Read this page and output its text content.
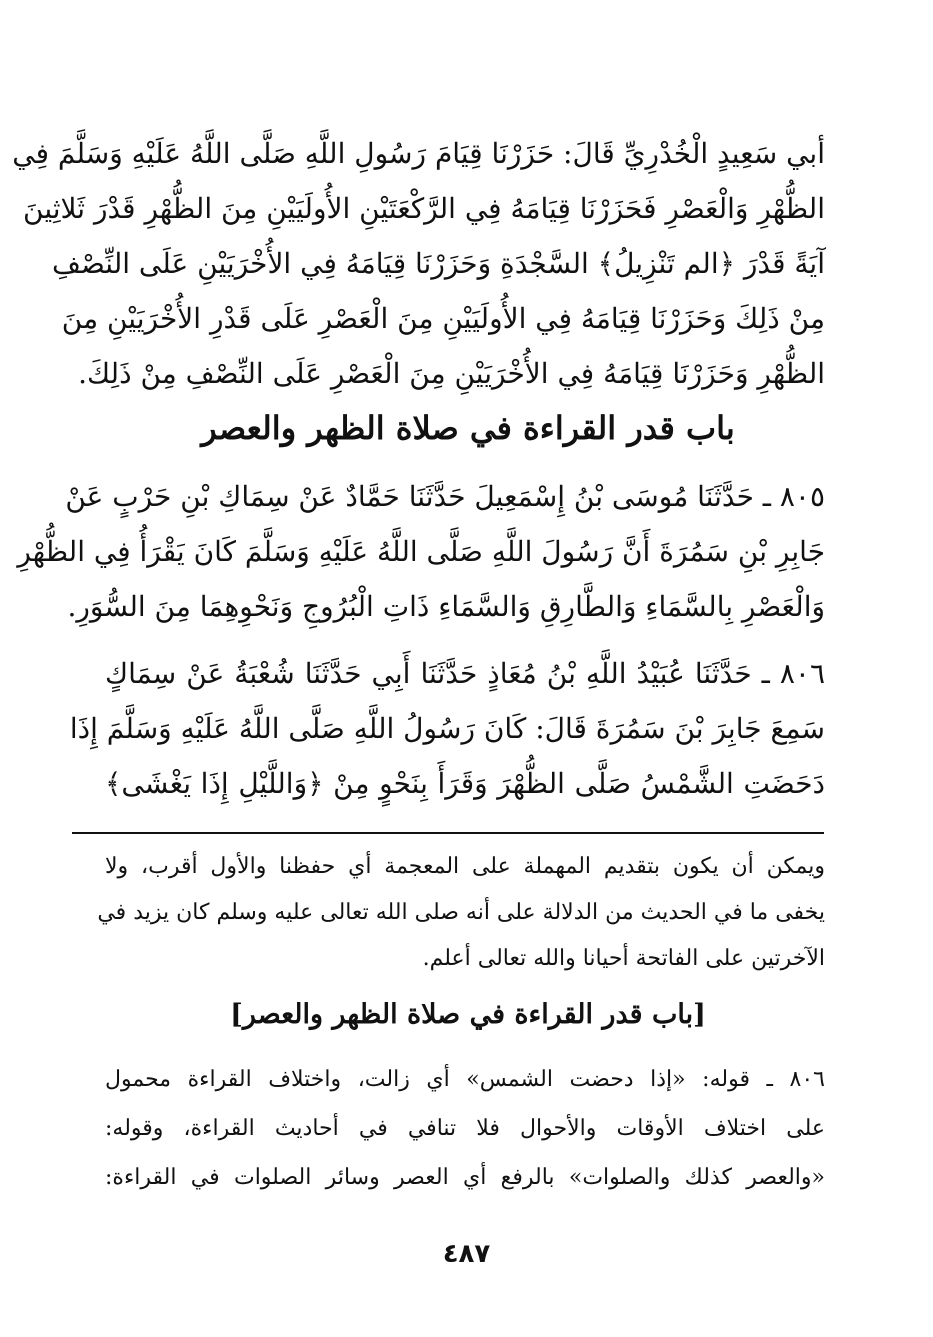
أبي سَعِيدٍ الْخُدْرِيِّ قَالَ: حَزَرْنَا قِيَامَ رَسُولِ اللَّهِ صَلَّى اللَّهُ عَلَيْهِ وَسَلَّمَ فِي
الظُّهْرِ وَالْعَصْرِ فَحَزَرْنَا قِيَامَهُ فِي الرَّكْعَتَيْنِ الأُولَيَيْنِ مِنَ الظُّهْرِ قَدْرَ ثَلاثِينَ
آيَةً قَدْرَ ﴿الم تَنْزِيلُ﴾ السَّجْدَةِ وَحَزَرْنَا قِيَامَهُ فِي الأُخْرَيَيْنِ عَلَى النِّصْفِ
مِنْ ذَلِكَ وَحَزَرْنَا قِيَامَهُ فِي الأُولَيَيْنِ مِنَ الْعَصْرِ عَلَى قَدْرِ الأُخْرَيَيْنِ مِنَ
الظُّهْرِ وَحَزَرْنَا قِيَامَهُ فِي الأُخْرَيَيْنِ مِنَ الْعَصْرِ عَلَى النِّصْفِ مِنْ ذَلِكَ.
باب قدر القراءة في صلاة الظهر والعصر
٨٠٥ ـ حَدَّثَنَا مُوسَى بْنُ إِسْمَعِيلَ حَدَّثَنَا حَمَّادٌ عَنْ سِمَاكِ بْنِ حَرْبٍ عَنْ
جَابِرِ بْنِ سَمُرَةَ أَنَّ رَسُولَ اللَّهِ صَلَّى اللَّهُ عَلَيْهِ وَسَلَّمَ كَانَ يَقْرَأُ فِي الظُّهْرِ
وَالْعَصْرِ بِالسَّمَاءِ وَالطَّارِقِ وَالسَّمَاءِ ذَاتِ الْبُرُوجِ وَنَحْوِهِمَا مِنَ السُّوَرِ.
٨٠٦ ـ حَدَّثَنَا عُبَيْدُ اللَّهِ بْنُ مُعَاذٍ حَدَّثَنَا أَبِي حَدَّثَنَا شُعْبَةُ عَنْ سِمَاكٍ
سَمِعَ جَابِرَ بْنَ سَمُرَةَ قَالَ: كَانَ رَسُولُ اللَّهِ صَلَّى اللَّهُ عَلَيْهِ وَسَلَّمَ إِذَا
دَحَضَتِ الشَّمْسُ صَلَّى الظُّهْرَ وَقَرَأَ بِنَحْوٍ مِنْ ﴿وَاللَّيْلِ إِذَا يَغْشَى﴾
ويمكن أن يكون بتقديم المهملة على المعجمة أي حفظنا والأول أقرب، ولا
يخفى ما في الحديث من الدلالة على أنه صلى الله تعالى عليه وسلم كان يزيد في
الآخرتين على الفاتحة أحيانا والله تعالى أعلم.
[باب قدر القراءة في صلاة الظهر والعصر]
٨٠٦ ـ قوله: «إذا دحضت الشمس» أي زالت، واختلاف القراءة محمول
على اختلاف الأوقات والأحوال فلا تنافي في أحاديث القراءة، وقوله:
«والعصر كذلك والصلوات» بالرفع أي العصر وسائر الصلوات في القراءة:
٤٨٧
